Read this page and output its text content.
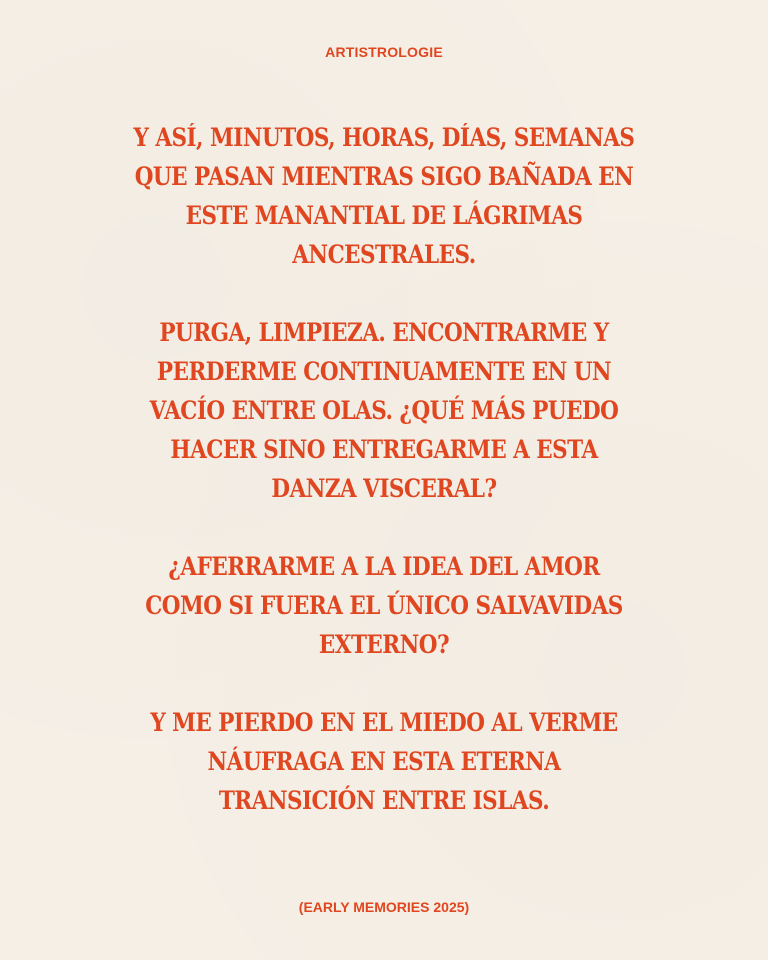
ARTISTROLOGIE
Y ASÍ, MINUTOS, HORAS, DÍAS, SEMANAS
QUE PASAN MIENTRAS SIGO BAÑADA EN
ESTE MANANTIAL DE LÁGRIMAS
ANCESTRALES.
PURGA, LIMPIEZA. ENCONTRARME Y
PERDERME CONTINUAMENTE EN UN
VACÍO ENTRE OLAS. ¿QUÉ MÁS PUEDO
HACER SINO ENTREGARME A ESTA
DANZA VISCERAL?
¿AFERRARME A LA IDEA DEL AMOR
COMO SI FUERA EL ÚNICO SALVAVIDAS
EXTERNO?
Y ME PIERDO EN EL MIEDO AL VERME
NÁUFRAGA EN ESTA ETERNA
TRANSICIÓN ENTRE ISLAS.
(EARLY MEMORIES 2025)
